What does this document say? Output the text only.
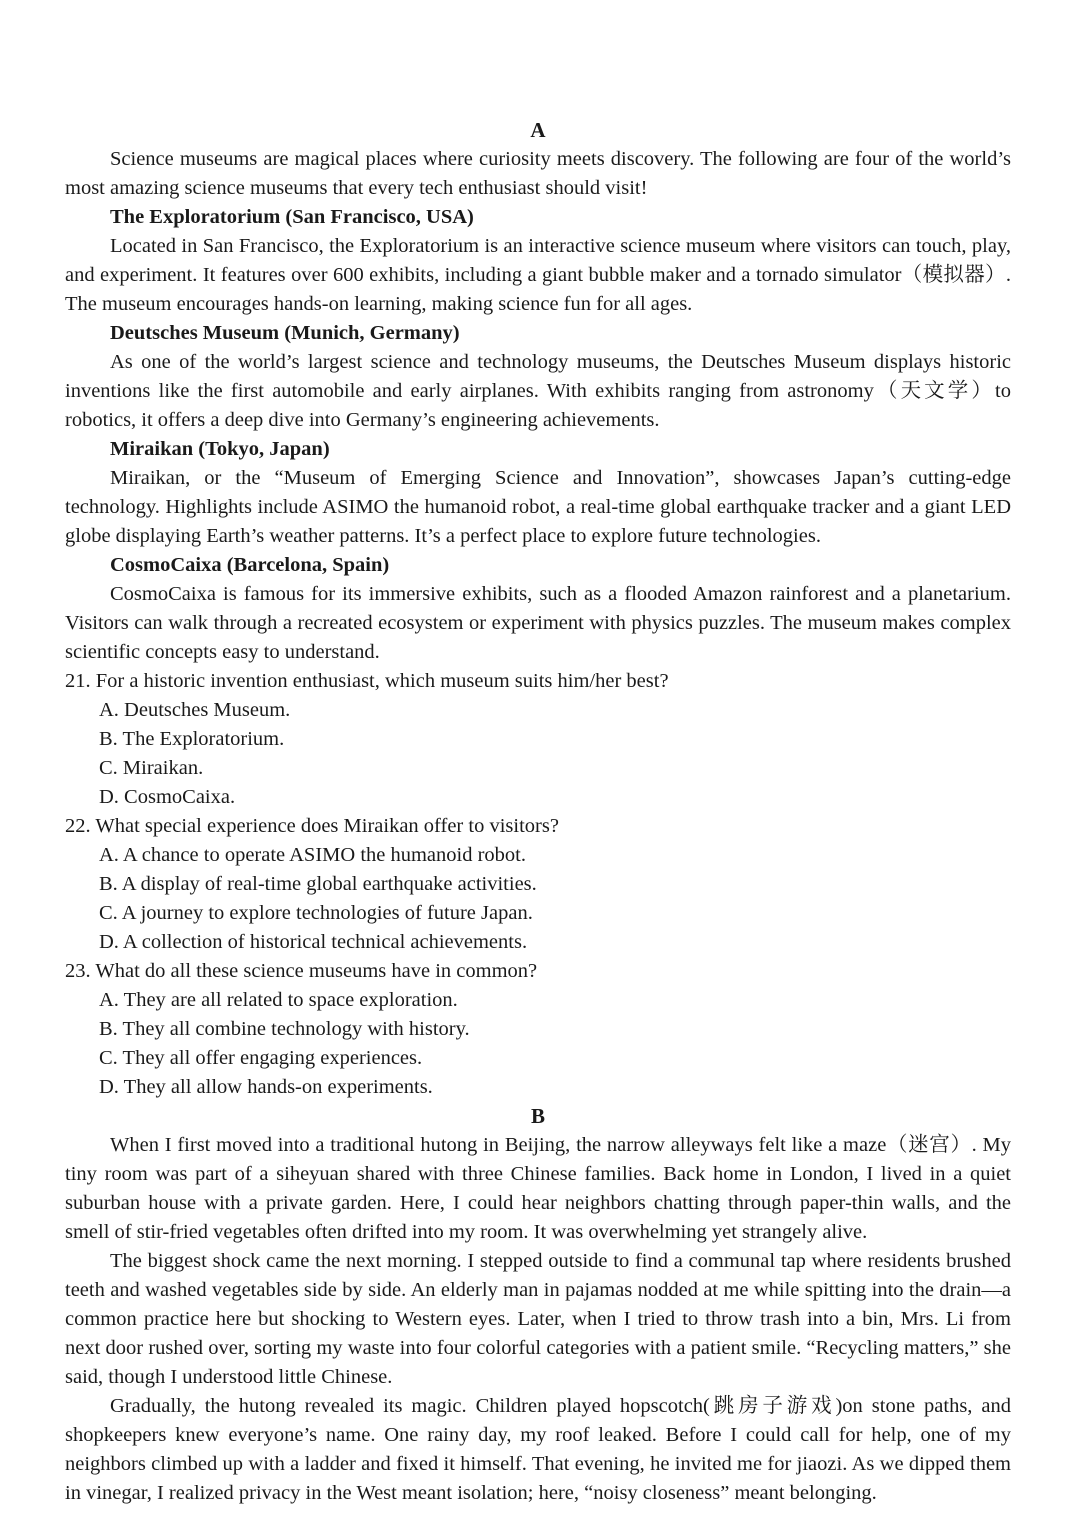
A

Science museums are magical places where curiosity meets discovery. The following are four of the world’s most amazing science museums that every tech enthusiast should visit!

The Exploratorium (San Francisco, USA)

Located in San Francisco, the Exploratorium is an interactive science museum where visitors can touch, play, and experiment. It features over 600 exhibits, including a giant bubble maker and a tornado simulator（模拟器）. The museum encourages hands-on learning, making science fun for all ages.

Deutsches Museum (Munich, Germany)

As one of the world’s largest science and technology museums, the Deutsches Museum displays historic inventions like the first automobile and early airplanes. With exhibits ranging from astronomy（天文学）to robotics, it offers a deep dive into Germany’s engineering achievements.

Miraikan (Tokyo, Japan)

Miraikan, or the “Museum of Emerging Science and Innovation”, showcases Japan’s cutting-edge technology. Highlights include ASIMO the humanoid robot, a real-time global earthquake tracker and a giant LED globe displaying Earth’s weather patterns. It’s a perfect place to explore future technologies.

CosmoCaixa (Barcelona, Spain)

CosmoCaixa is famous for its immersive exhibits, such as a flooded Amazon rainforest and a planetarium. Visitors can walk through a recreated ecosystem or experiment with physics puzzles. The museum makes complex scientific concepts easy to understand.

21. For a historic invention enthusiast, which museum suits him/her best?

A. Deutsches Museum.
B. The Exploratorium.
C. Miraikan.
D. CosmoCaixa.

22. What special experience does Miraikan offer to visitors?

A. A chance to operate ASIMO the humanoid robot.
B. A display of real-time global earthquake activities.
C. A journey to explore technologies of future Japan.
D. A collection of historical technical achievements.

23. What do all these science museums have in common?

A. They are all related to space exploration.
B. They all combine technology with history.
C. They all offer engaging experiences.
D. They all allow hands-on experiments.
B

When I first moved into a traditional hutong in Beijing, the narrow alleyways felt like a maze（迷宫）. My tiny room was part of a siheyuan shared with three Chinese families. Back home in London, I lived in a quiet suburban house with a private garden. Here, I could hear neighbors chatting through paper-thin walls, and the smell of stir-fried vegetables often drifted into my room. It was overwhelming yet strangely alive.

The biggest shock came the next morning. I stepped outside to find a communal tap where residents brushed teeth and washed vegetables side by side. An elderly man in pajamas nodded at me while spitting into the drain—a common practice here but shocking to Western eyes. Later, when I tried to throw trash into a bin, Mrs. Li from next door rushed over, sorting my waste into four colorful categories with a patient smile. “Recycling matters,” she said, though I understood little Chinese.

Gradually, the hutong revealed its magic. Children played hopscotch(跳房子游戏)on stone paths, and shopkeepers knew everyone’s name. One rainy day, my roof leaked. Before I could call for help, one of my neighbors climbed up with a ladder and fixed it himself. That evening, he invited me for jiaozi. As we dipped them in vinegar, I realized privacy in the West meant isolation; here, “noisy closeness” meant belonging.
